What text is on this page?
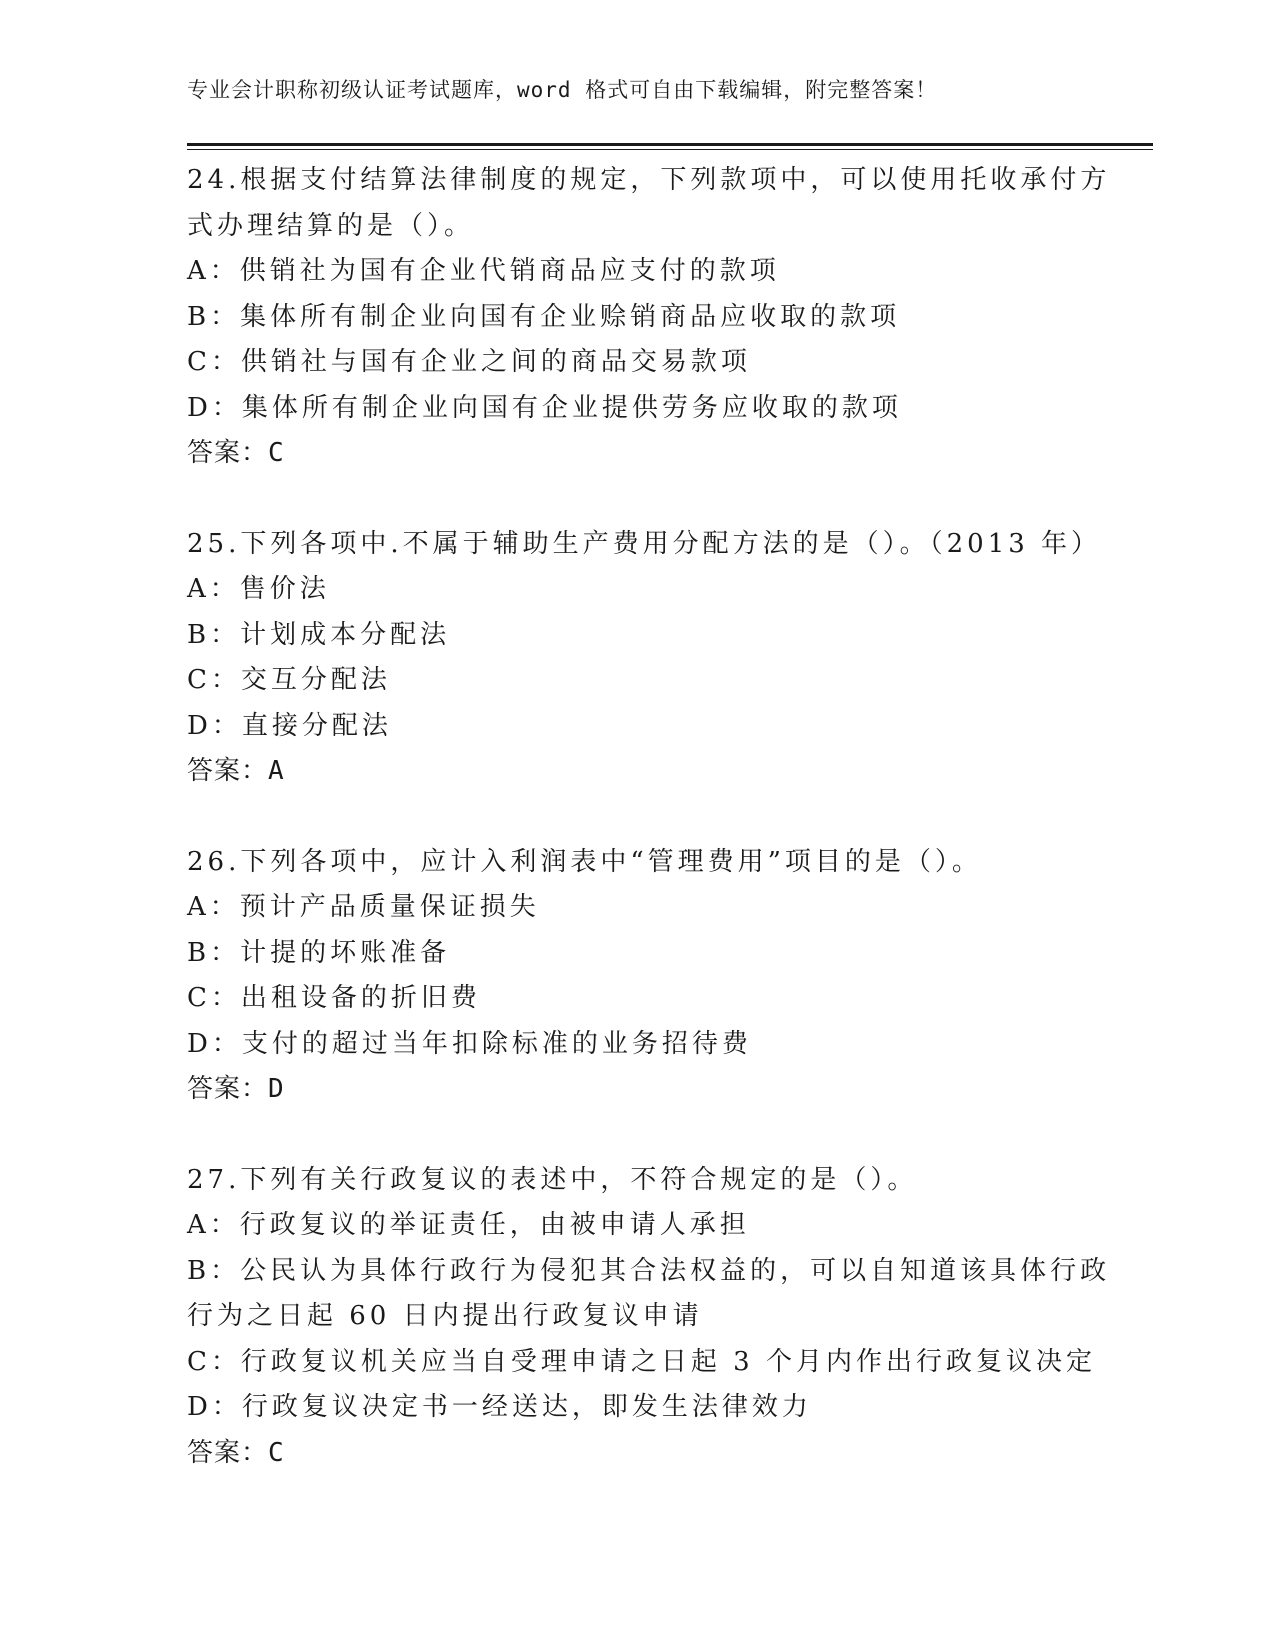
专业会计职称初级认证考试题库，word 格式可自由下载编辑，附完整答案！
24.根据支付结算法律制度的规定，下列款项中，可以使用托收承付方
式办理结算的是（）。
A：供销社为国有企业代销商品应支付的款项
B：集体所有制企业向国有企业赊销商品应收取的款项
C：供销社与国有企业之间的商品交易款项
D：集体所有制企业向国有企业提供劳务应收取的款项
答案：C
25.下列各项中.不属于辅助生产费用分配方法的是（）。（2013 年）
A：售价法
B：计划成本分配法
C：交互分配法
D：直接分配法
答案：A
26.下列各项中，应计入利润表中“管理费用”项目的是（）。
A：预计产品质量保证损失
B：计提的坏账准备
C：出租设备的折旧费
D：支付的超过当年扣除标准的业务招待费
答案：D
27.下列有关行政复议的表述中，不符合规定的是（）。
A：行政复议的举证责任，由被申请人承担
B：公民认为具体行政行为侵犯其合法权益的，可以自知道该具体行政
行为之日起 60 日内提出行政复议申请
C：行政复议机关应当自受理申请之日起 3 个月内作出行政复议决定
D：行政复议决定书一经送达，即发生法律效力
答案：C
